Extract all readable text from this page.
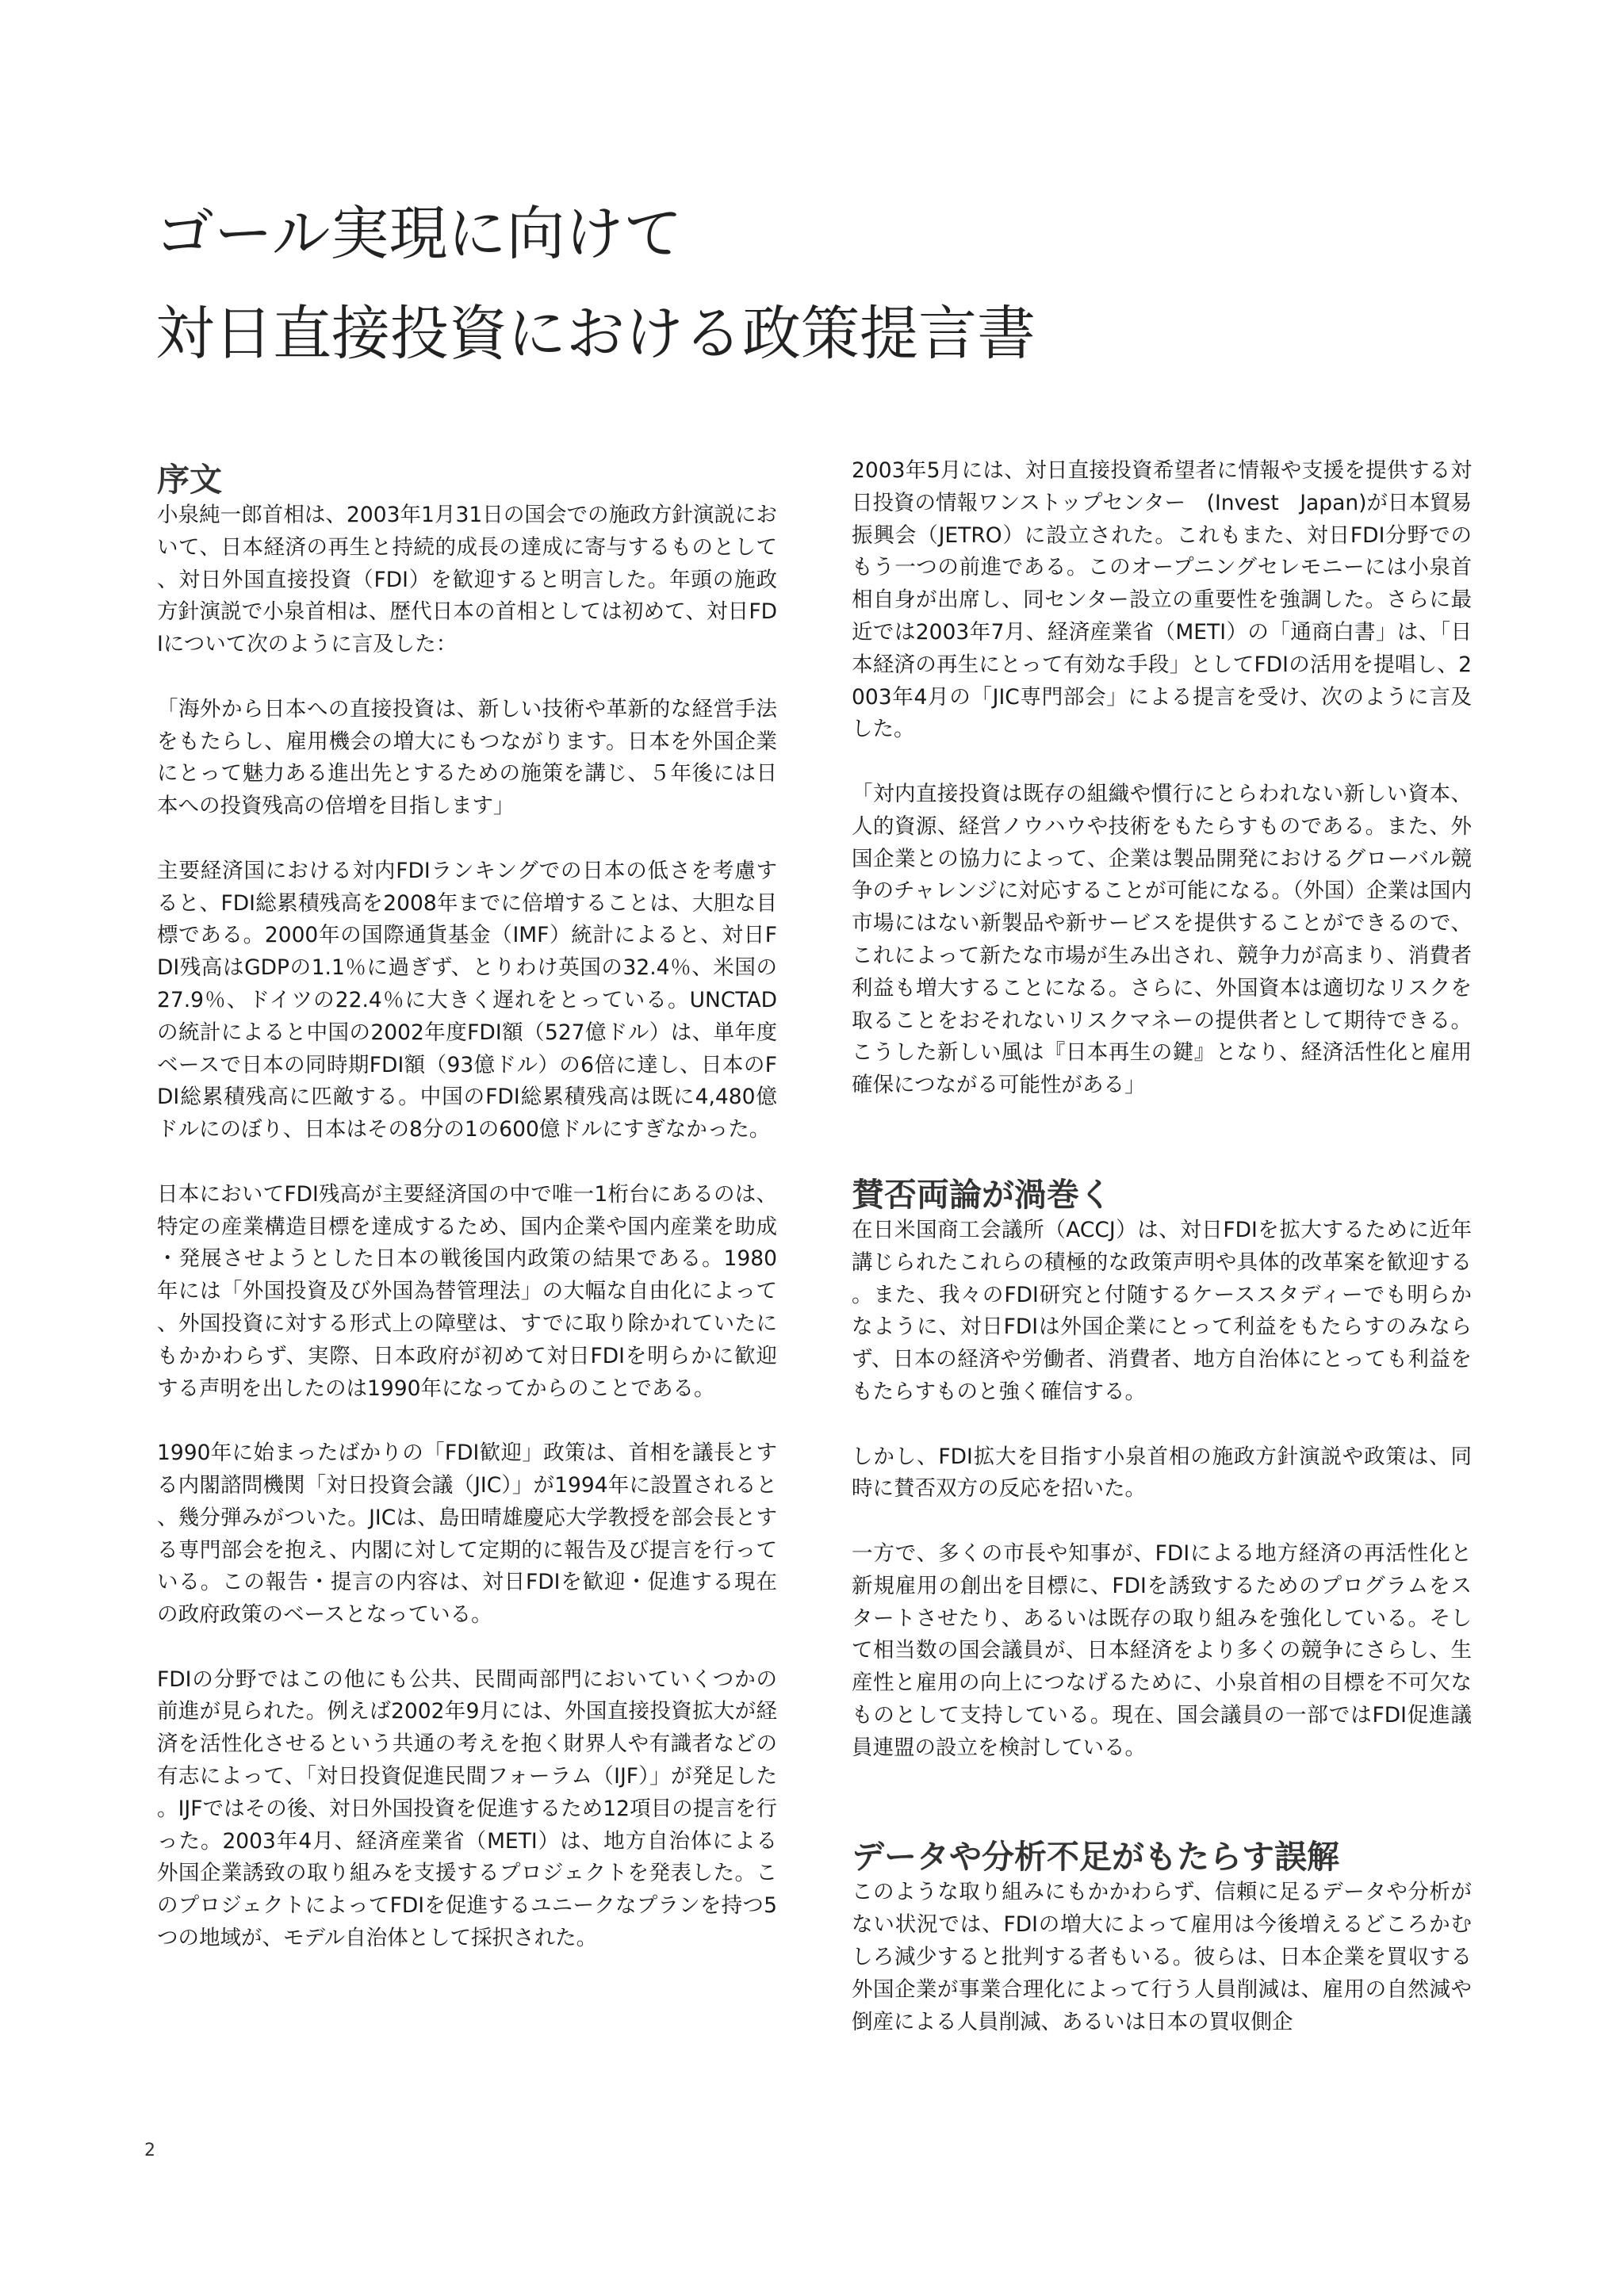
ゴール実現に向けて
対日直接投資における政策提言書
序文

小泉純一郎首相は、2003年1月31日の国会での施政方針演説において、日本経済の再生と持続的成長の達成に寄与するものとして、対日外国直接投資（FDI）を歓迎すると明言した。年頭の施政方針演説で小泉首相は、歴代日本の首相としては初めて、対日FDIについて次のように言及した：

「海外から日本への直接投資は、新しい技術や革新的な経営手法をもたらし、雇用機会の増大にもつながります。日本を外国企業にとって魅力ある進出先とするための施策を講じ、５年後には日本への投資残高の倍増を目指します」

主要経済国における対内FDIランキングでの日本の低さを考慮すると、FDI総累積残高を2008年までに倍増することは、大胆な目標である。2000年の国際通貨基金（IMF）統計によると、対日FDI残高はGDPの1.1％に過ぎず、とりわけ英国の32.4％、米国の27.9％、ドイツの22.4％に大きく遅れをとっている。UNCTADの統計によると中国の2002年度FDI額（527億ドル）は、単年度ベースで日本の同時期FDI額（93億ドル）の6倍に達し、日本のFDI総累積残高に匹敵する。中国のFDI総累積残高は既に4,480億ドルにのぼり、日本はその8分の1の600億ドルにすぎなかった。

日本においてFDI残高が主要経済国の中で唯一1桁台にあるのは、特定の産業構造目標を達成するため、国内企業や国内産業を助成・発展させようとした日本の戦後国内政策の結果である。1980年には「外国投資及び外国為替管理法」の大幅な自由化によって、外国投資に対する形式上の障壁は、すでに取り除かれていたにもかかわらず、実際、日本政府が初めて対日FDIを明らかに歓迎する声明を出したのは1990年になってからのことである。

1990年に始まったばかりの「FDI歓迎」政策は、首相を議長とする内閣諮問機関「対日投資会議（JIC）」が1994年に設置されると、幾分弾みがついた。JICは、島田晴雄慶応大学教授を部会長とする専門部会を抱え、内閣に対して定期的に報告及び提言を行っている。この報告・提言の内容は、対日FDIを歓迎・促進する現在の政府政策のベースとなっている。

FDIの分野ではこの他にも公共、民間両部門においていくつかの前進が見られた。例えば2002年9月には、外国直接投資拡大が経済を活性化させるという共通の考えを抱く財界人や有識者などの有志によって、「対日投資促進民間フォーラム（IJF）」が発足した。IJFではその後、対日外国投資を促進するため12項目の提言を行った。2003年4月、経済産業省（METI）は、地方自治体による外国企業誘致の取り組みを支援するプロジェクトを発表した。このプロジェクトによってFDIを促進するユニークなプランを持つ5つの地域が、モデル自治体として採択された。

2003年5月には、対日直接投資希望者に情報や支援を提供する対日投資の情報ワンストップセンター　(Invest　Japan)が日本貿易振興会（JETRO）に設立された。これもまた、対日FDI分野でのもう一つの前進である。このオープニングセレモニーには小泉首相自身が出席し、同センター設立の重要性を強調した。さらに最近では2003年7月、経済産業省（METI）の「通商白書」は、「日本経済の再生にとって有効な手段」としてFDIの活用を提唱し、2003年4月の「JIC専門部会」による提言を受け、次のように言及した。

「対内直接投資は既存の組織や慣行にとらわれない新しい資本、人的資源、経営ノウハウや技術をもたらすものである。また、外国企業との協力によって、企業は製品開発におけるグローバル競争のチャレンジに対応することが可能になる。（外国）企業は国内市場にはない新製品や新サービスを提供することができるので、これによって新たな市場が生み出され、競争力が高まり、消費者利益も増大することになる。さらに、外国資本は適切なリスクを取ることをおそれないリスクマネーの提供者として期待できる。こうした新しい風は『日本再生の鍵』となり、経済活性化と雇用確保につながる可能性がある」

賛否両論が渦巻く

在日米国商工会議所（ACCJ）は、対日FDIを拡大するために近年講じられたこれらの積極的な政策声明や具体的改革案を歓迎する。また、我々のFDI研究と付随するケーススタディーでも明らかなように、対日FDIは外国企業にとって利益をもたらすのみならず、日本の経済や労働者、消費者、地方自治体にとっても利益をもたらすものと強く確信する。

しかし、FDI拡大を目指す小泉首相の施政方針演説や政策は、同時に賛否双方の反応を招いた。

一方で、多くの市長や知事が、FDIによる地方経済の再活性化と新規雇用の創出を目標に、FDIを誘致するためのプログラムをスタートさせたり、あるいは既存の取り組みを強化している。そして相当数の国会議員が、日本経済をより多くの競争にさらし、生産性と雇用の向上につなげるために、小泉首相の目標を不可欠なものとして支持している。現在、国会議員の一部ではFDI促進議員連盟の設立を検討している。

データや分析不足がもたらす誤解

このような取り組みにもかかわらず、信頼に足るデータや分析がない状況では、FDIの増大によって雇用は今後増えるどころかむしろ減少すると批判する者もいる。彼らは、日本企業を買収する外国企業が事業合理化によって行う人員削減は、雇用の自然減や倒産による人員削減、あるいは日本の買収側企

2
